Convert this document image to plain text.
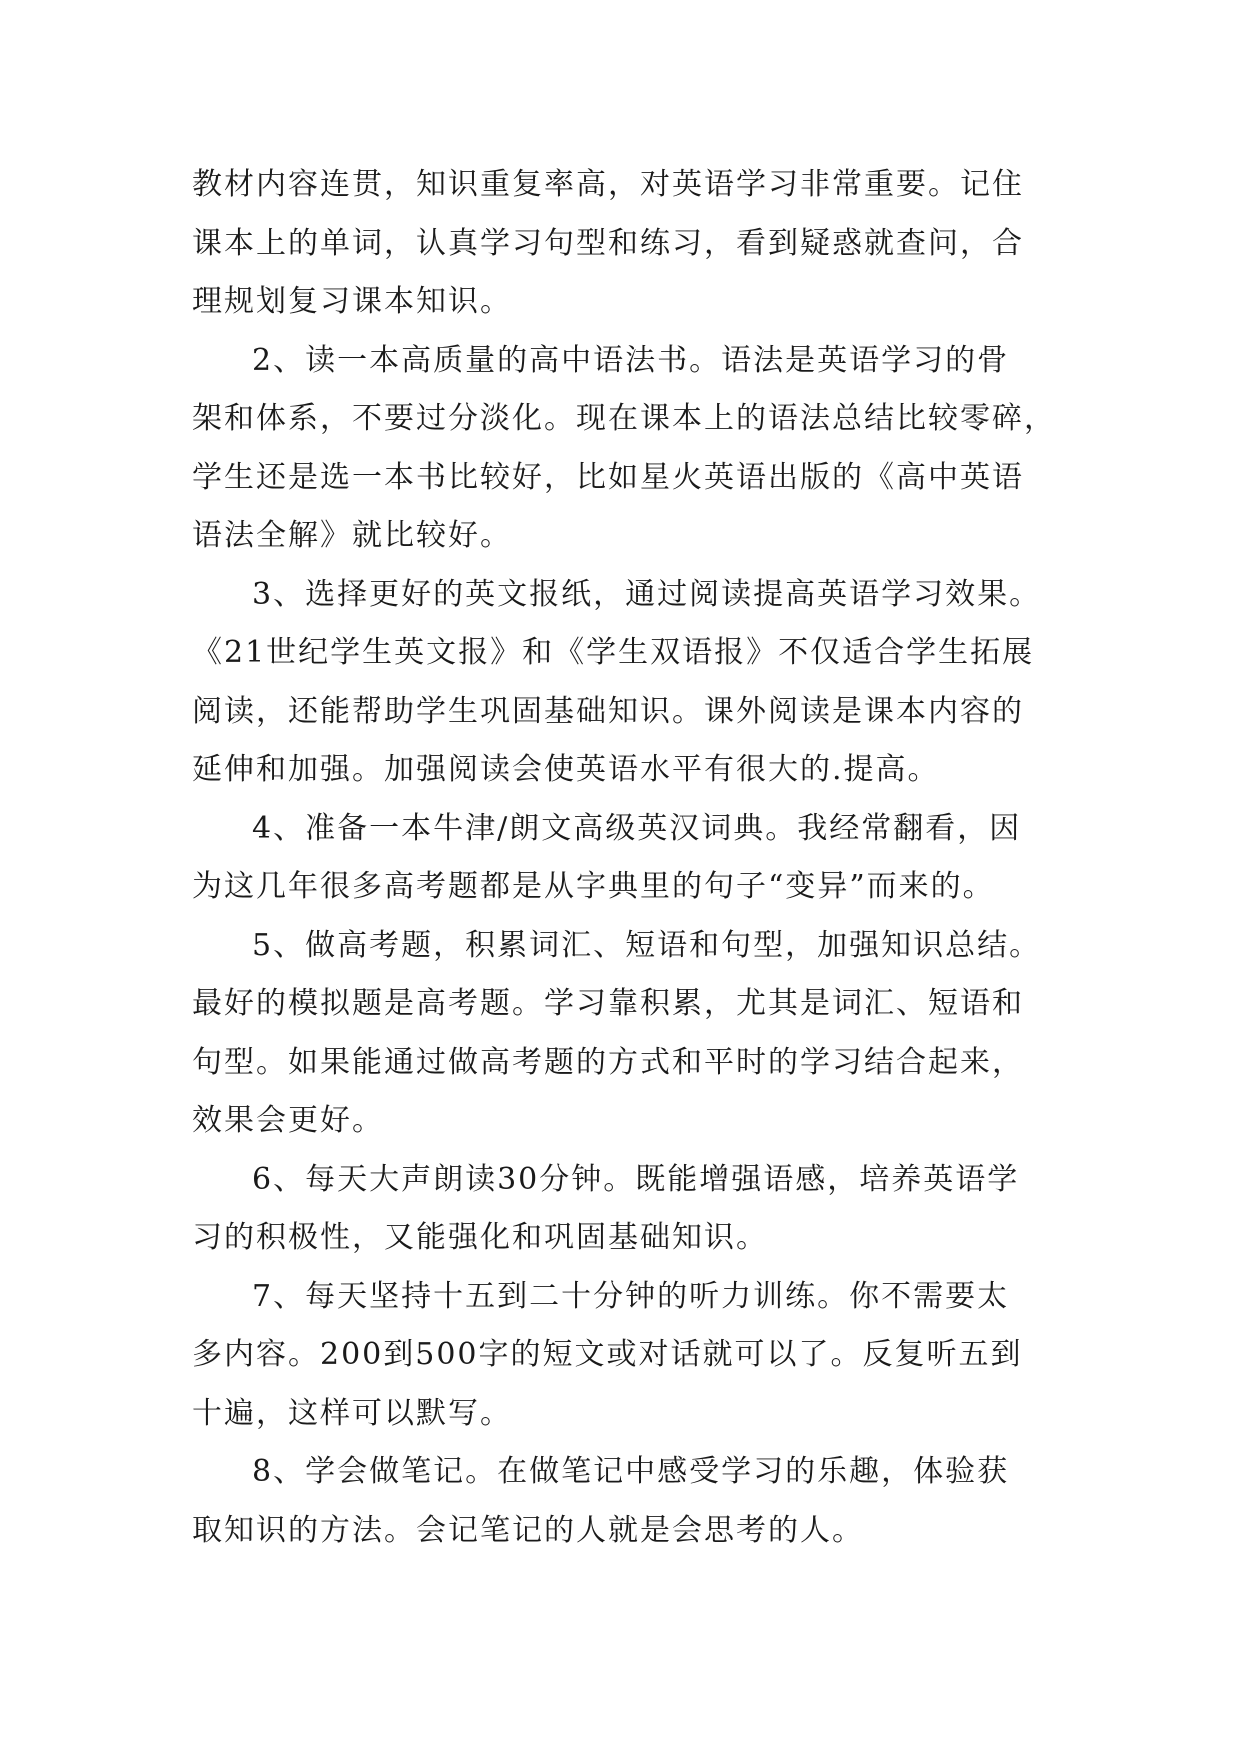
教材内容连贯，知识重复率高，对英语学习非常重要。记住
课本上的单词，认真学习句型和练习，看到疑惑就查问，合
理规划复习课本知识。
2、读一本高质量的高中语法书。语法是英语学习的骨
架和体系，不要过分淡化。现在课本上的语法总结比较零碎，
学生还是选一本书比较好，比如星火英语出版的《高中英语
语法全解》就比较好。
3、选择更好的英文报纸，通过阅读提高英语学习效果。
《21世纪学生英文报》和《学生双语报》不仅适合学生拓展
阅读，还能帮助学生巩固基础知识。课外阅读是课本内容的
延伸和加强。加强阅读会使英语水平有很大的.提高。
4、准备一本牛津/朗文高级英汉词典。我经常翻看，因
为这几年很多高考题都是从字典里的句子“变异”而来的。
5、做高考题，积累词汇、短语和句型，加强知识总结。
最好的模拟题是高考题。学习靠积累，尤其是词汇、短语和
句型。如果能通过做高考题的方式和平时的学习结合起来，
效果会更好。
6、每天大声朗读30分钟。既能增强语感，培养英语学
习的积极性，又能强化和巩固基础知识。
7、每天坚持十五到二十分钟的听力训练。你不需要太
多内容。200到500字的短文或对话就可以了。反复听五到
十遍，这样可以默写。
8、学会做笔记。在做笔记中感受学习的乐趣，体验获
取知识的方法。会记笔记的人就是会思考的人。
